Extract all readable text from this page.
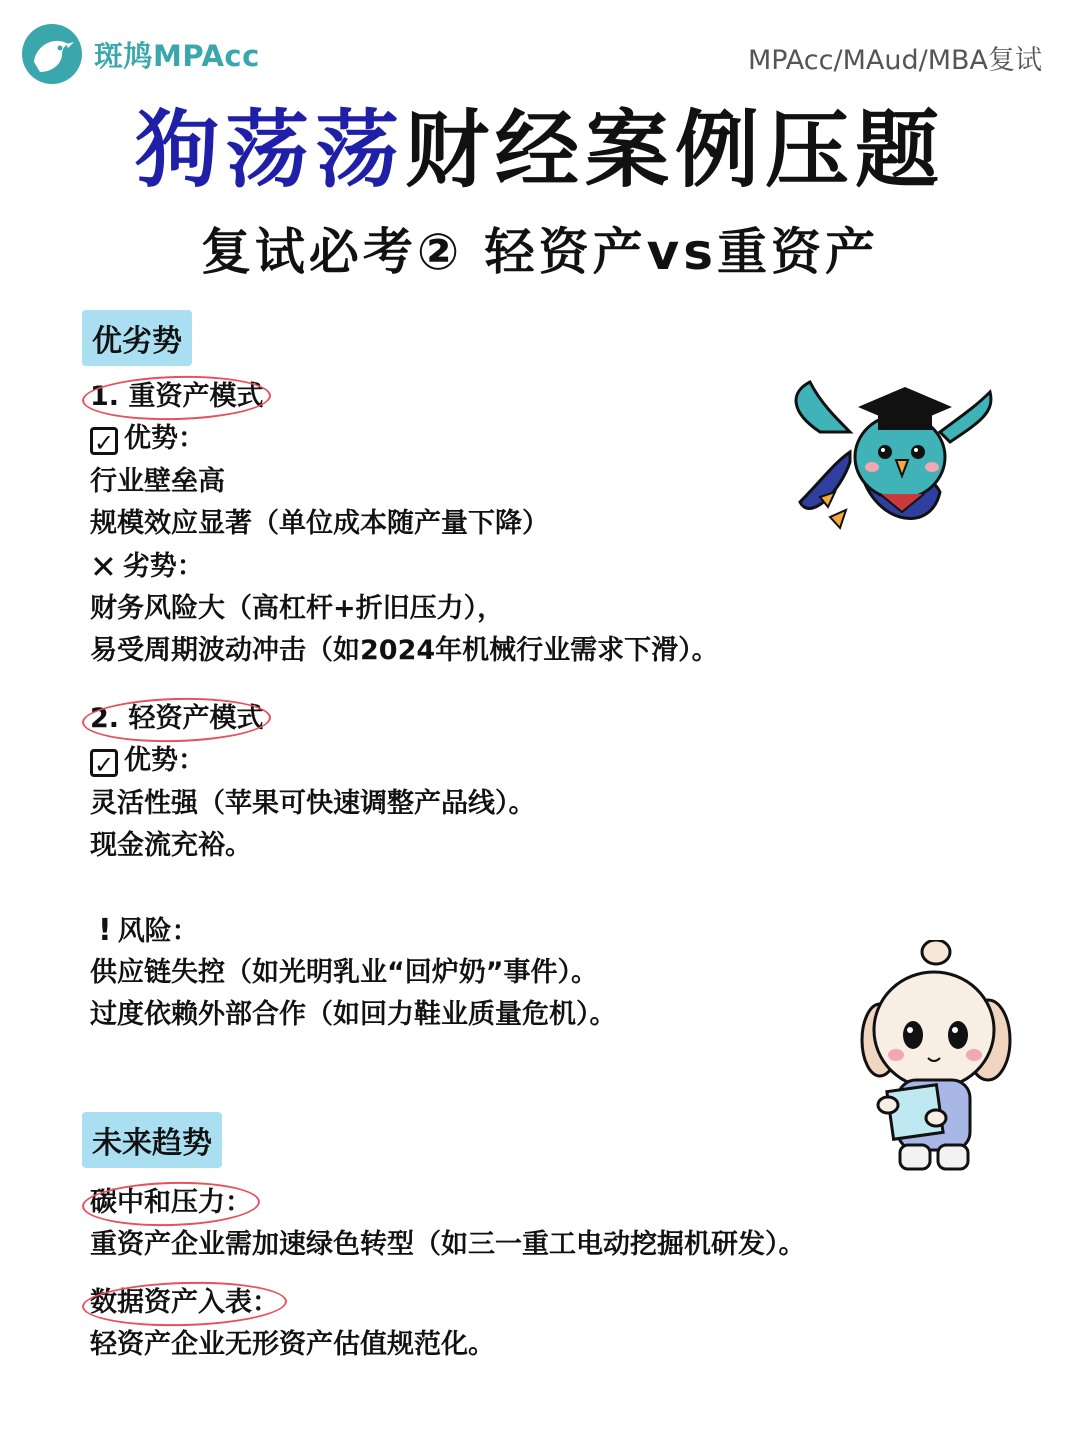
斑鸠MPAcc	MPAcc/MAud/MBA复试
狗荡荡财经案例压题
复试必考② 轻资产vs重资产
优劣势
1. 重资产模式
✓ 优势：
行业壁垒高
规模效应显著（单位成本随产量下降）
✕ 劣势：
财务风险大（高杠杆+折旧压力），
易受周期波动冲击（如2024年机械行业需求下滑）。
2. 轻资产模式
✓ 优势：
灵活性强（苹果可快速调整产品线）。
现金流充裕。
! 风险：
供应链失控（如光明乳业“回炉奶”事件）。
过度依赖外部合作（如回力鞋业质量危机）。
未来趋势
碳中和压力：
重资产企业需加速绿色转型（如三一重工电动挖掘机研发）。
数据资产入表：
轻资产企业无形资产估值规范化。
